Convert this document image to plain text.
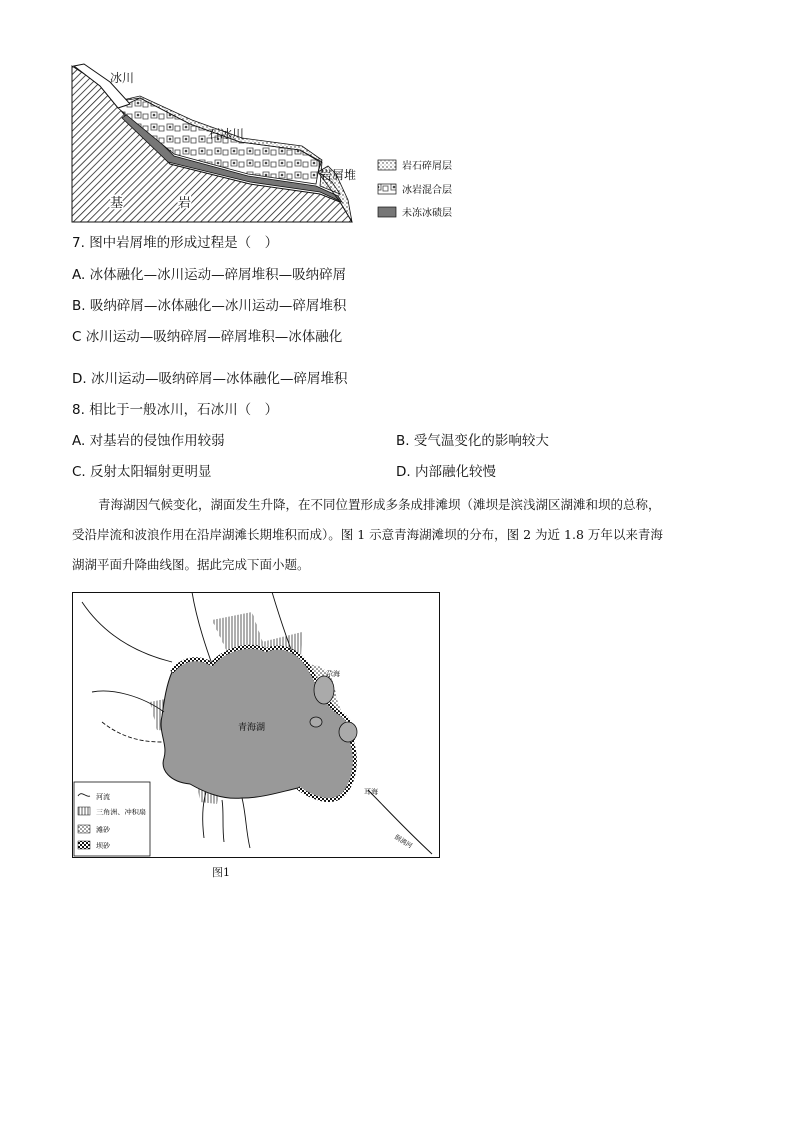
冰川
石冰川
岩屑堆
基	岩
岩石碎屑层
冰岩混合层
未冻冰碛层
7. 图中岩屑堆的形成过程是（　）
A. 冰体融化—冰川运动—碎屑堆积—吸纳碎屑
B. 吸纳碎屑—冰体融化—冰川运动—碎屑堆积
C 冰川运动—吸纳碎屑—碎屑堆积—冰体融化
D. 冰川运动—吸纳碎屑—冰体融化—碎屑堆积
8. 相比于一般冰川，石冰川（　）
A. 对基岩的侵蚀作用较弱	B. 受气温变化的影响较大
C. 反射太阳辐射更明显	D. 内部融化较慢
青海湖因气候变化，湖面发生升降，在不同位置形成多条成排滩坝（滩坝是滨浅湖区湖滩和坝的总称，
受沿岸流和波浪作用在沿岸湖滩长期堆积而成）。图 1 示意青海湖滩坝的分布，图 2 为近 1.8 万年以来青海
湖湖平面升降曲线图。据此完成下面小题。
青海湖
尕海
耳海
倒淌河
河流
三角洲、冲积扇
滩砂
坝砂
图1
